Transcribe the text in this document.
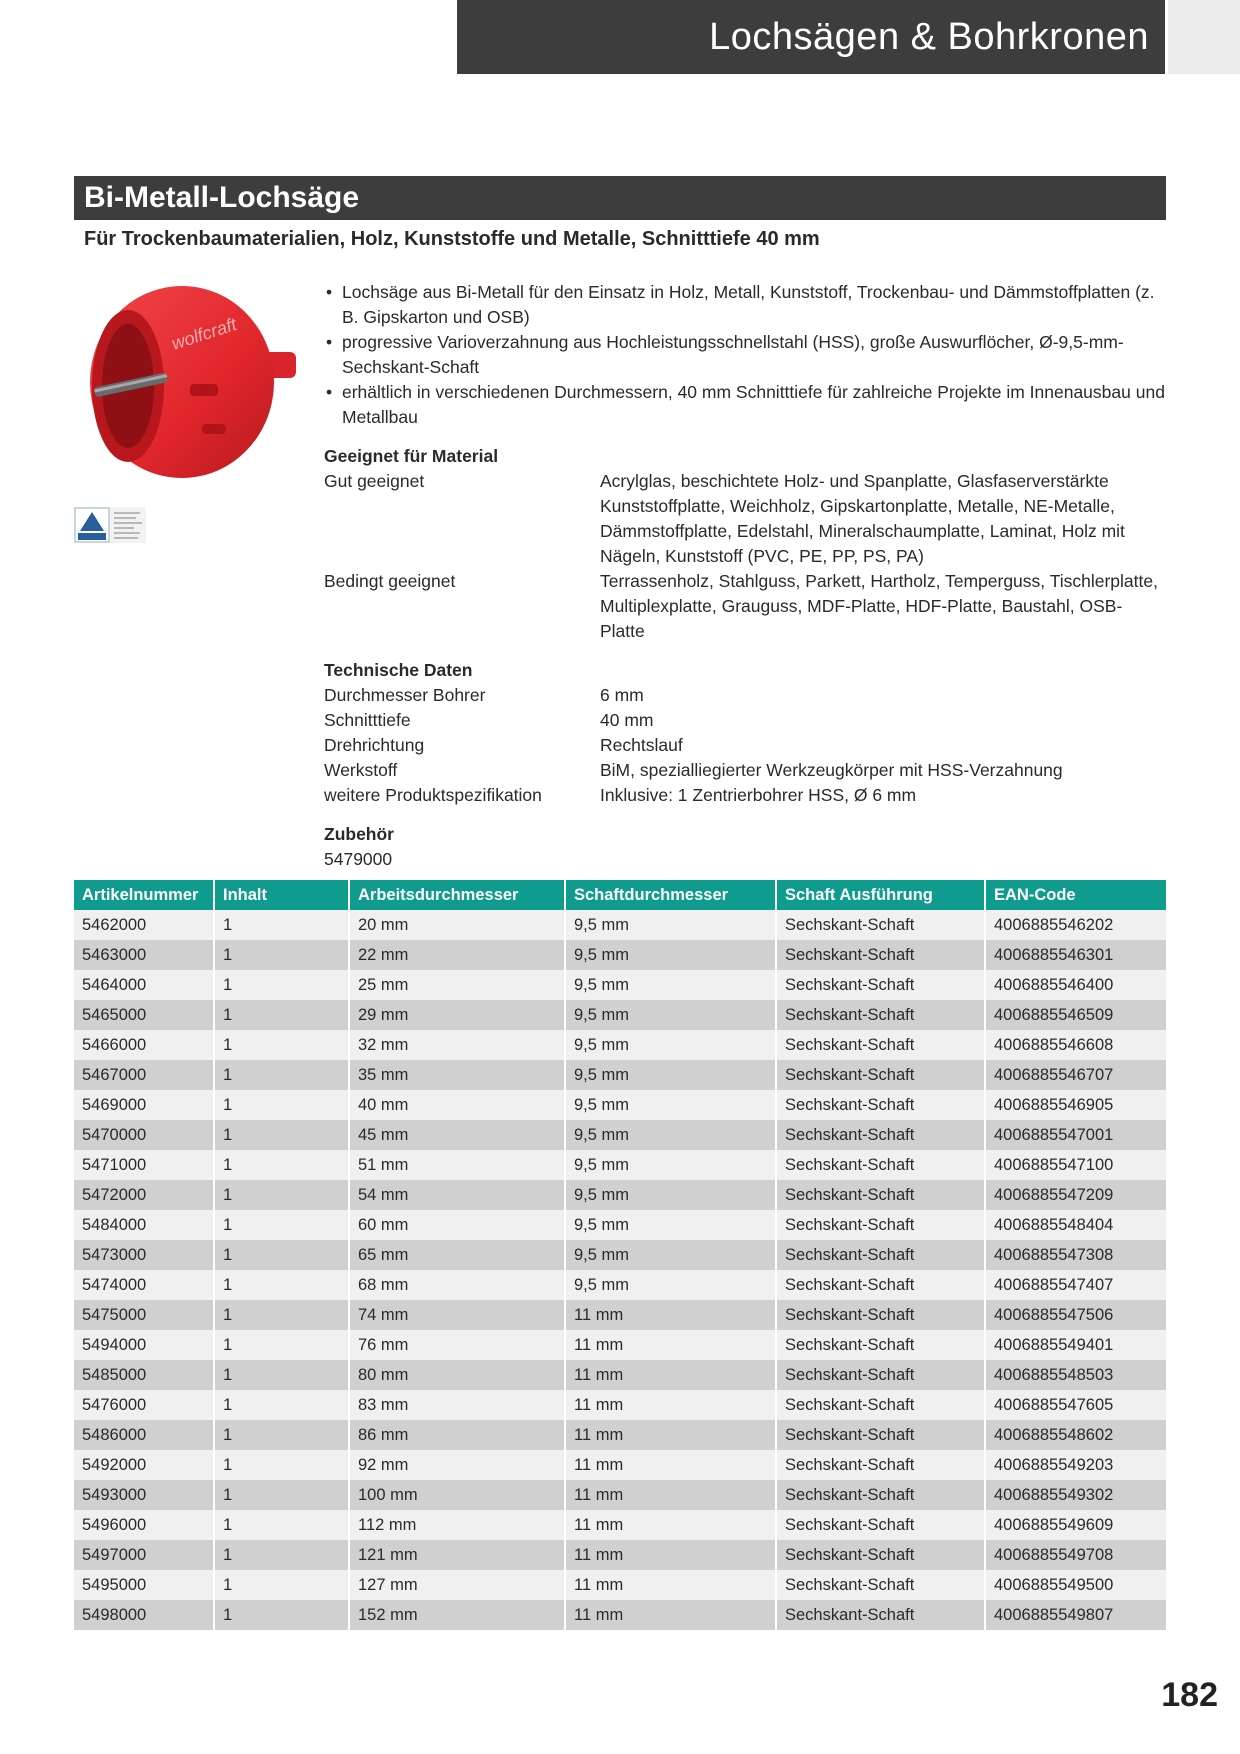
Lochsägen & Bohrkronen
Bi-Metall-Lochsäge
Für Trockenbaumaterialien, Holz, Kunststoffe und Metalle, Schnitttiefe 40 mm
wolfcraft
• Lochsäge aus Bi-Metall für den Einsatz in Holz, Metall, Kunststoff, Trockenbau- und Dämmstoffplatten (z. B. Gipskarton und OSB)
• progressive Varioverzahnung aus Hochleistungsschnellstahl (HSS), große Auswurflöcher, Ø-9,5-mm-Sechskant-Schaft
• erhältlich in verschiedenen Durchmessern, 40 mm Schnitttiefe für zahlreiche Projekte im Innenausbau und Metallbau
Geeignet für Material
Gut geeignet	Acrylglas, beschichtete Holz- und Spanplatte, Glasfaserverstärkte Kunststoffplatte, Weichholz, Gipskartonplatte, Metalle, NE-Metalle, Dämmstoffplatte, Edelstahl, Mineralschaumplatte, Laminat, Holz mit Nägeln, Kunststoff (PVC, PE, PP, PS, PA)
Bedingt geeignet	Terrassenholz, Stahlguss, Parkett, Hartholz, Temperguss, Tischlerplatte, Multiplexplatte, Grauguss, MDF-Platte, HDF-Platte, Baustahl, OSB-Platte
Technische Daten
Durchmesser Bohrer	6 mm
Schnitttiefe	40 mm
Drehrichtung	Rechtslauf
Werkstoff	BiM, spezialliegierter Werkzeugkörper mit HSS-Verzahnung
weitere Produktspezifikation	Inklusive: 1 Zentrierbohrer HSS, Ø 6 mm
Zubehör
5479000
Artikelnummer	Inhalt	Arbeitsdurchmesser	Schaftdurchmesser	Schaft Ausführung	EAN-Code
5462000	1	20 mm	9,5 mm	Sechskant-Schaft	4006885546202
5463000	1	22 mm	9,5 mm	Sechskant-Schaft	4006885546301
5464000	1	25 mm	9,5 mm	Sechskant-Schaft	4006885546400
5465000	1	29 mm	9,5 mm	Sechskant-Schaft	4006885546509
5466000	1	32 mm	9,5 mm	Sechskant-Schaft	4006885546608
5467000	1	35 mm	9,5 mm	Sechskant-Schaft	4006885546707
5469000	1	40 mm	9,5 mm	Sechskant-Schaft	4006885546905
5470000	1	45 mm	9,5 mm	Sechskant-Schaft	4006885547001
5471000	1	51 mm	9,5 mm	Sechskant-Schaft	4006885547100
5472000	1	54 mm	9,5 mm	Sechskant-Schaft	4006885547209
5484000	1	60 mm	9,5 mm	Sechskant-Schaft	4006885548404
5473000	1	65 mm	9,5 mm	Sechskant-Schaft	4006885547308
5474000	1	68 mm	9,5 mm	Sechskant-Schaft	4006885547407
5475000	1	74 mm	11 mm	Sechskant-Schaft	4006885547506
5494000	1	76 mm	11 mm	Sechskant-Schaft	4006885549401
5485000	1	80 mm	11 mm	Sechskant-Schaft	4006885548503
5476000	1	83 mm	11 mm	Sechskant-Schaft	4006885547605
5486000	1	86 mm	11 mm	Sechskant-Schaft	4006885548602
5492000	1	92 mm	11 mm	Sechskant-Schaft	4006885549203
5493000	1	100 mm	11 mm	Sechskant-Schaft	4006885549302
5496000	1	112 mm	11 mm	Sechskant-Schaft	4006885549609
5497000	1	121 mm	11 mm	Sechskant-Schaft	4006885549708
5495000	1	127 mm	11 mm	Sechskant-Schaft	4006885549500
5498000	1	152 mm	11 mm	Sechskant-Schaft	4006885549807
182
